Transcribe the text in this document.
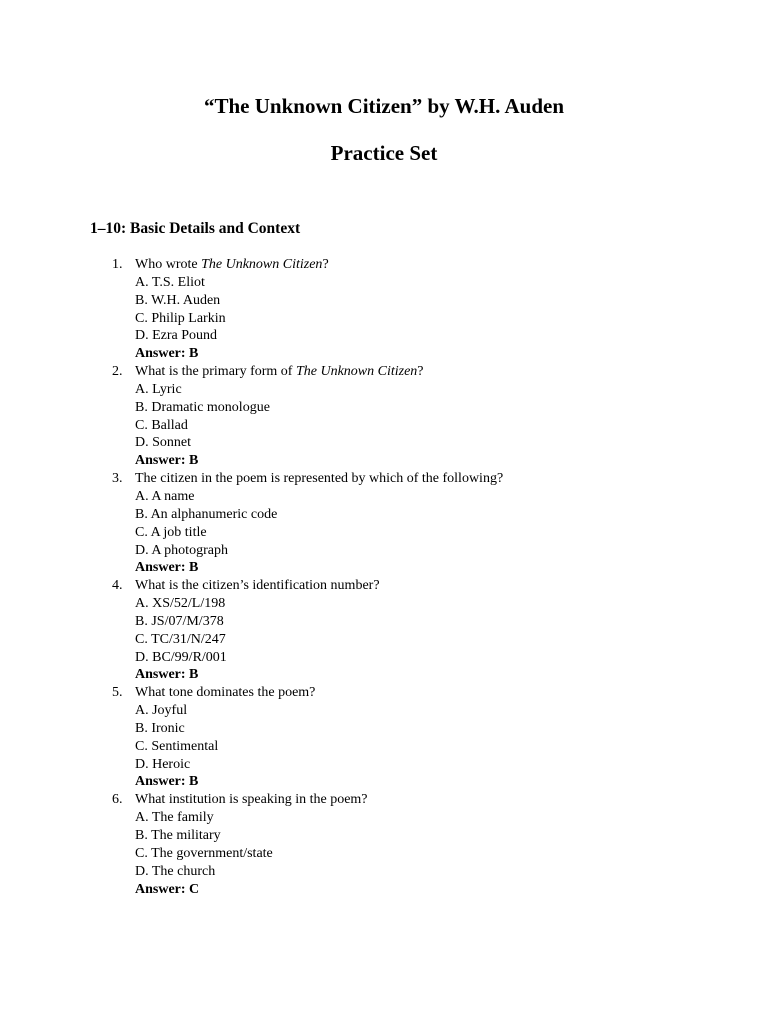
“The Unknown Citizen” by W.H. Auden
Practice Set
1–10: Basic Details and Context
1. Who wrote The Unknown Citizen?
A. T.S. Eliot
B. W.H. Auden
C. Philip Larkin
D. Ezra Pound
Answer: B
2. What is the primary form of The Unknown Citizen?
A. Lyric
B. Dramatic monologue
C. Ballad
D. Sonnet
Answer: B
3. The citizen in the poem is represented by which of the following?
A. A name
B. An alphanumeric code
C. A job title
D. A photograph
Answer: B
4. What is the citizen’s identification number?
A. XS/52/L/198
B. JS/07/M/378
C. TC/31/N/247
D. BC/99/R/001
Answer: B
5. What tone dominates the poem?
A. Joyful
B. Ironic
C. Sentimental
D. Heroic
Answer: B
6. What institution is speaking in the poem?
A. The family
B. The military
C. The government/state
D. The church
Answer: C
